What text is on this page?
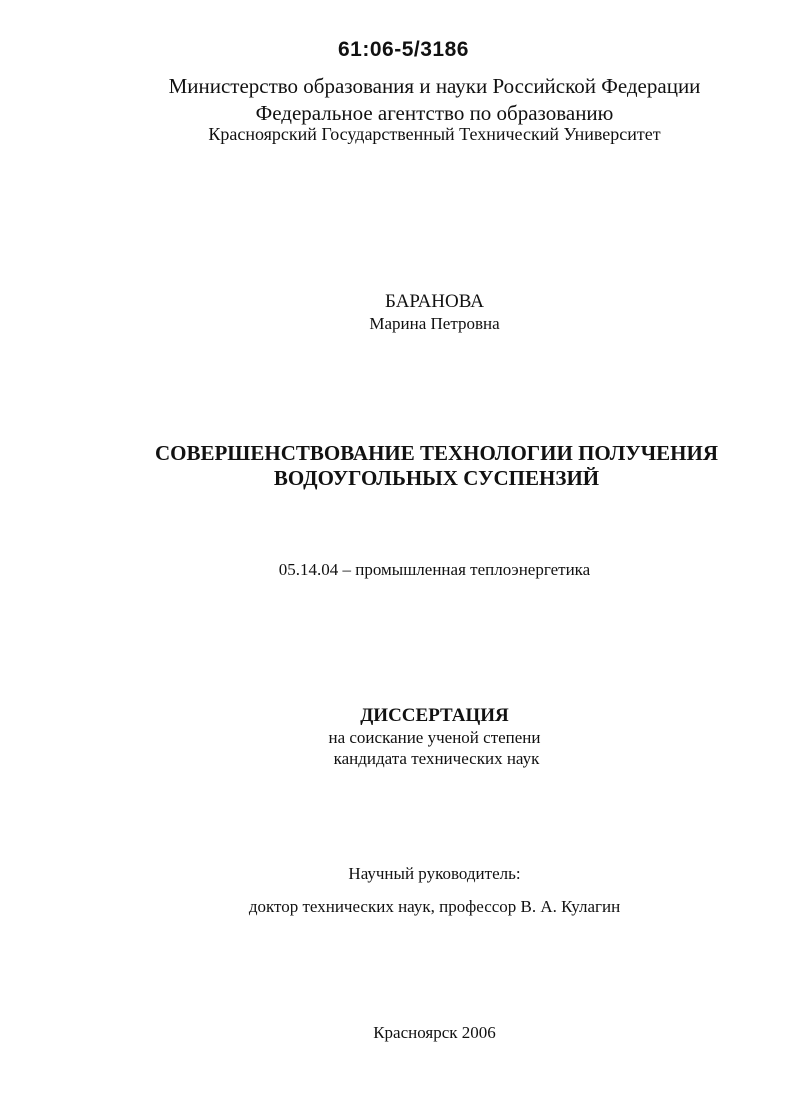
61:06-5/3186
Министерство образования и науки Российской Федерации
Федеральное агентство по образованию
Красноярский Государственный Технический Университет
БАРАНОВА
Марина Петровна
СОВЕРШЕНСТВОВАНИЕ ТЕХНОЛОГИИ ПОЛУЧЕНИЯ
ВОДОУГОЛЬНЫХ СУСПЕНЗИЙ
05.14.04 – промышленная теплоэнергетика
ДИССЕРТАЦИЯ
на соискание ученой степени
кандидата технических наук
Научный руководитель:
доктор технических наук, профессор В. А. Кулагин
Красноярск 2006
